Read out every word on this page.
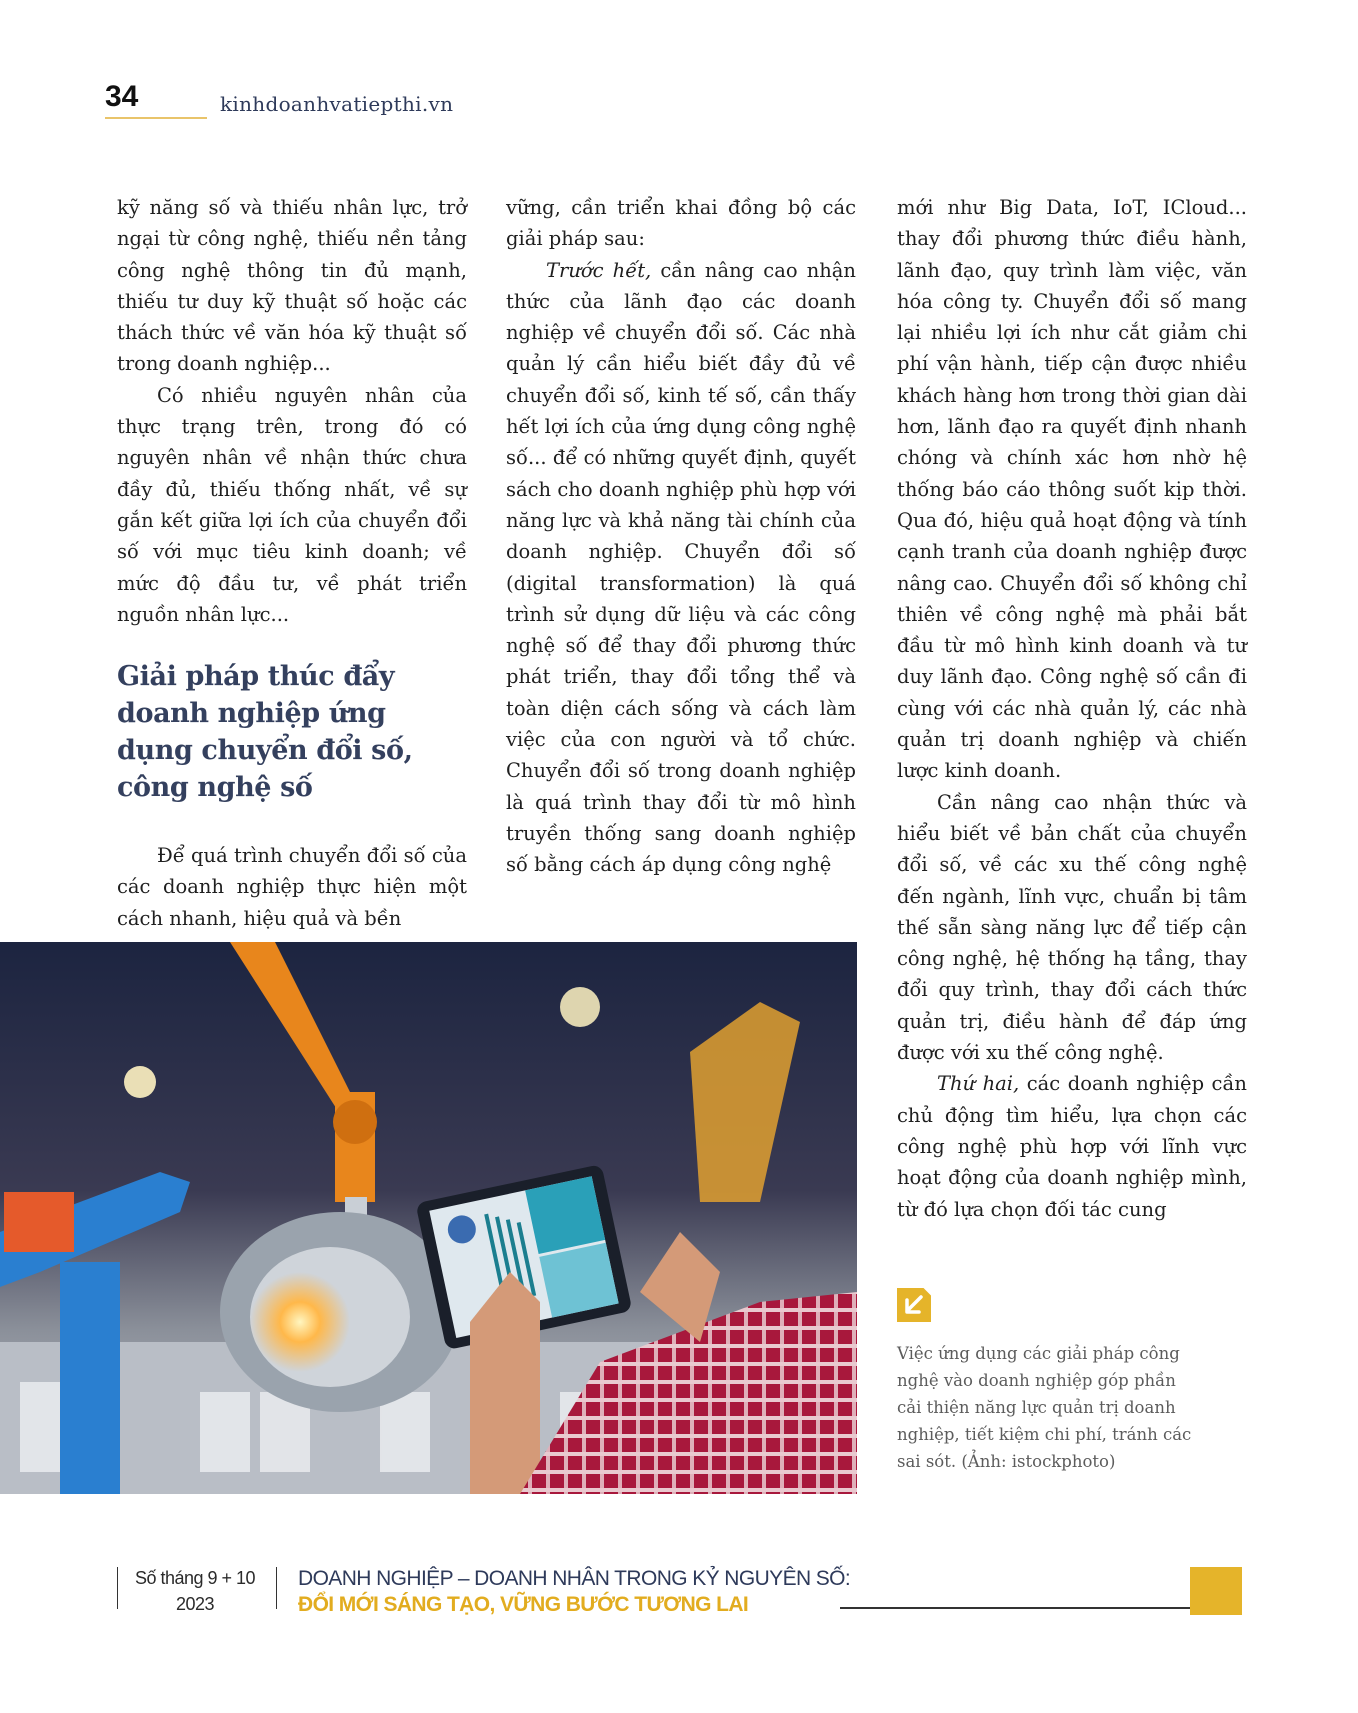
34	kinhdoanhvatiepthi.vn

kỹ năng số và thiếu nhân lực, trở ngại từ công nghệ, thiếu nền tảng công nghệ thông tin đủ mạnh, thiếu tư duy kỹ thuật số hoặc các thách thức về văn hóa kỹ thuật số trong doanh nghiệp...

Có nhiều nguyên nhân của thực trạng trên, trong đó có nguyên nhân về nhận thức chưa đầy đủ, thiếu thống nhất, về sự gắn kết giữa lợi ích của chuyển đổi số với mục tiêu kinh doanh; về mức độ đầu tư, về phát triển nguồn nhân lực...

Giải pháp thúc đẩy doanh nghiệp ứng dụng chuyển đổi số, công nghệ số

Để quá trình chuyển đổi số của các doanh nghiệp thực hiện một cách nhanh, hiệu quả và bền

vững, cần triển khai đồng bộ các giải pháp sau:

Trước hết, cần nâng cao nhận thức của lãnh đạo các doanh nghiệp về chuyển đổi số. Các nhà quản lý cần hiểu biết đầy đủ về chuyển đổi số, kinh tế số, cần thấy hết lợi ích của ứng dụng công nghệ số... để có những quyết định, quyết sách cho doanh nghiệp phù hợp với năng lực và khả năng tài chính của doanh nghiệp. Chuyển đổi số (digital transformation) là quá trình sử dụng dữ liệu và các công nghệ số để thay đổi phương thức phát triển, thay đổi tổng thể và toàn diện cách sống và cách làm việc của con người và tổ chức. Chuyển đổi số trong doanh nghiệp là quá trình thay đổi từ mô hình truyền thống sang doanh nghiệp số bằng cách áp dụng công nghệ

mới như Big Data, IoT, ICloud... thay đổi phương thức điều hành, lãnh đạo, quy trình làm việc, văn hóa công ty. Chuyển đổi số mang lại nhiều lợi ích như cắt giảm chi phí vận hành, tiếp cận được nhiều khách hàng hơn trong thời gian dài hơn, lãnh đạo ra quyết định nhanh chóng và chính xác hơn nhờ hệ thống báo cáo thông suốt kịp thời. Qua đó, hiệu quả hoạt động và tính cạnh tranh của doanh nghiệp được nâng cao. Chuyển đổi số không chỉ thiên về công nghệ mà phải bắt đầu từ mô hình kinh doanh và tư duy lãnh đạo. Công nghệ số cần đi cùng với các nhà quản lý, các nhà quản trị doanh nghiệp và chiến lược kinh doanh.

Cần nâng cao nhận thức và hiểu biết về bản chất của chuyển đổi số, về các xu thế công nghệ đến ngành, lĩnh vực, chuẩn bị tâm thế sẵn sàng năng lực để tiếp cận công nghệ, hệ thống hạ tầng, thay đổi quy trình, thay đổi cách thức quản trị, điều hành để đáp ứng được với xu thế công nghệ.

Thứ hai, các doanh nghiệp cần chủ động tìm hiểu, lựa chọn các công nghệ phù hợp với lĩnh vực hoạt động của doanh nghiệp mình, từ đó lựa chọn đối tác cung

Việc ứng dụng các giải pháp công nghệ vào doanh nghiệp góp phần cải thiện năng lực quản trị doanh nghiệp, tiết kiệm chi phí, tránh các sai sót. (Ảnh: istockphoto)
Số tháng 9 + 10
2023
DOANH NGHIỆP – DOANH NHÂN TRONG KỶ NGUYÊN SỐ:
ĐỔI MỚI SÁNG TẠO, VỮNG BƯỚC TƯƠNG LAI
